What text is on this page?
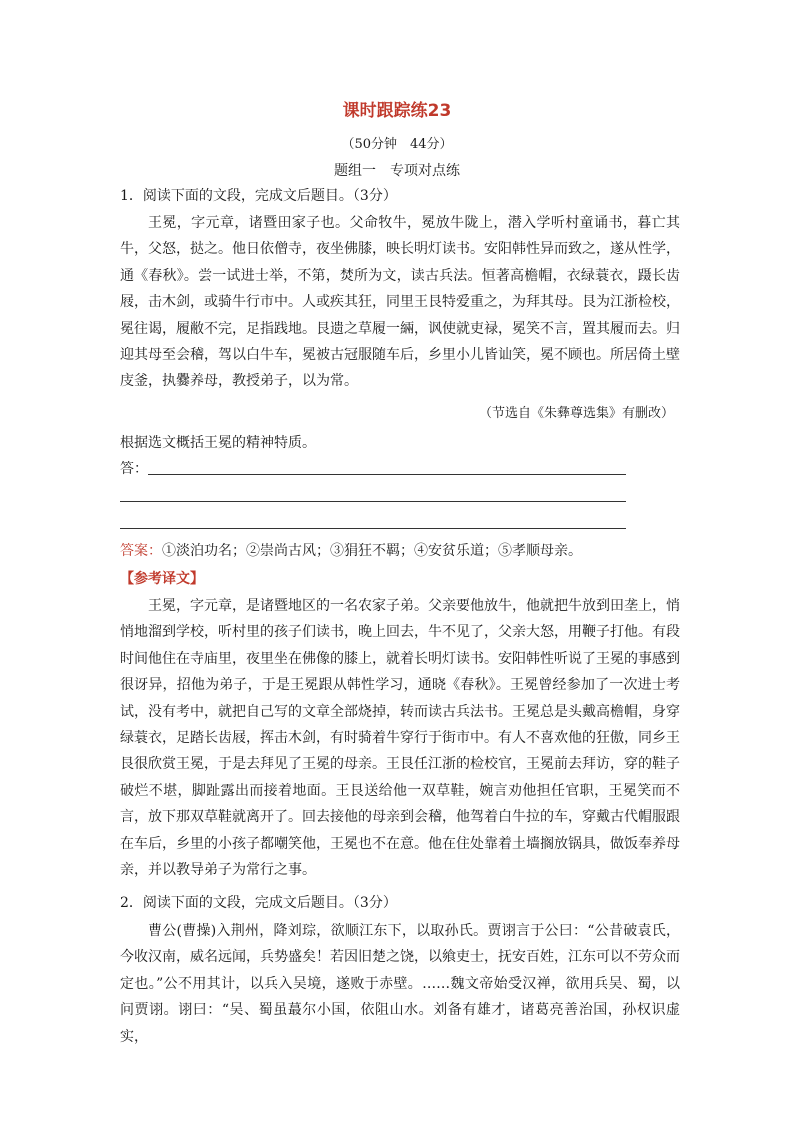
课时跟踪练23
（50分钟　44分）
题组一　专项对点练
1．阅读下面的文段，完成文后题目。（3分）

王冕，字元章，诸暨田家子也。父命牧牛，冕放牛陇上，潜入学听村童诵书，暮亡其牛，父怒，挞之。他日依僧寺，夜坐佛膝，映长明灯读书。安阳韩性异而致之，遂从性学，通《春秋》。尝一试进士举，不第，焚所为文，读古兵法。恒著高檐帽，衣绿蓑衣，蹑长齿屐，击木剑，或骑牛行市中。人或疾其狂，同里王艮特爱重之，为拜其母。艮为江浙检校，冕往谒，履敝不完，足指践地。艮遗之草履一緉，讽使就吏禄，冕笑不言，置其履而去。归迎其母至会稽，驾以白牛车，冕被古冠服随车后，乡里小儿皆讪笑，冕不顾也。所居倚土壁庋釜，执爨养母，教授弟子，以为常。

（节选自《朱彝尊选集》有删改）
根据选文概括王冕的精神特质。
答：
答案：①淡泊功名；②崇尚古风；③狷狂不羁；④安贫乐道；⑤孝顺母亲。
【参考译文】

王冕，字元章，是诸暨地区的一名农家子弟。父亲要他放牛，他就把牛放到田垄上，悄悄地溜到学校，听村里的孩子们读书，晚上回去，牛不见了，父亲大怒，用鞭子打他。有段时间他住在寺庙里，夜里坐在佛像的膝上，就着长明灯读书。安阳韩性听说了王冕的事感到很讶异，招他为弟子，于是王冕跟从韩性学习，通晓《春秋》。王冕曾经参加了一次进士考试，没有考中，就把自己写的文章全部烧掉，转而读古兵法书。王冕总是头戴高檐帽，身穿绿蓑衣，足踏长齿屐，挥击木剑，有时骑着牛穿行于街市中。有人不喜欢他的狂傲，同乡王艮很欣赏王冕，于是去拜见了王冕的母亲。王艮任江浙的检校官，王冕前去拜访，穿的鞋子破烂不堪，脚趾露出而接着地面。王艮送给他一双草鞋，婉言劝他担任官职，王冕笑而不言，放下那双草鞋就离开了。回去接他的母亲到会稽，他驾着白牛拉的车，穿戴古代帽服跟在车后，乡里的小孩子都嘲笑他，王冕也不在意。他在住处靠着土墙搁放锅具，做饭奉养母亲，并以教导弟子为常行之事。

2．阅读下面的文段，完成文后题目。（3分）

曹公(曹操)入荆州，降刘琮，欲顺江东下，以取孙氏。贾诩言于公曰：“公昔破袁氏，今收汉南，威名远闻，兵势盛矣！若因旧楚之饶，以飨吏士，抚安百姓，江东可以不劳众而定也。”公不用其计，以兵入吴境，遂败于赤壁。……魏文帝始受汉禅，欲用兵吴、蜀，以问贾诩。诩曰：“吴、蜀虽蕞尔小国，依阻山水。刘备有雄才，诸葛亮善治国，孙权识虚实，
